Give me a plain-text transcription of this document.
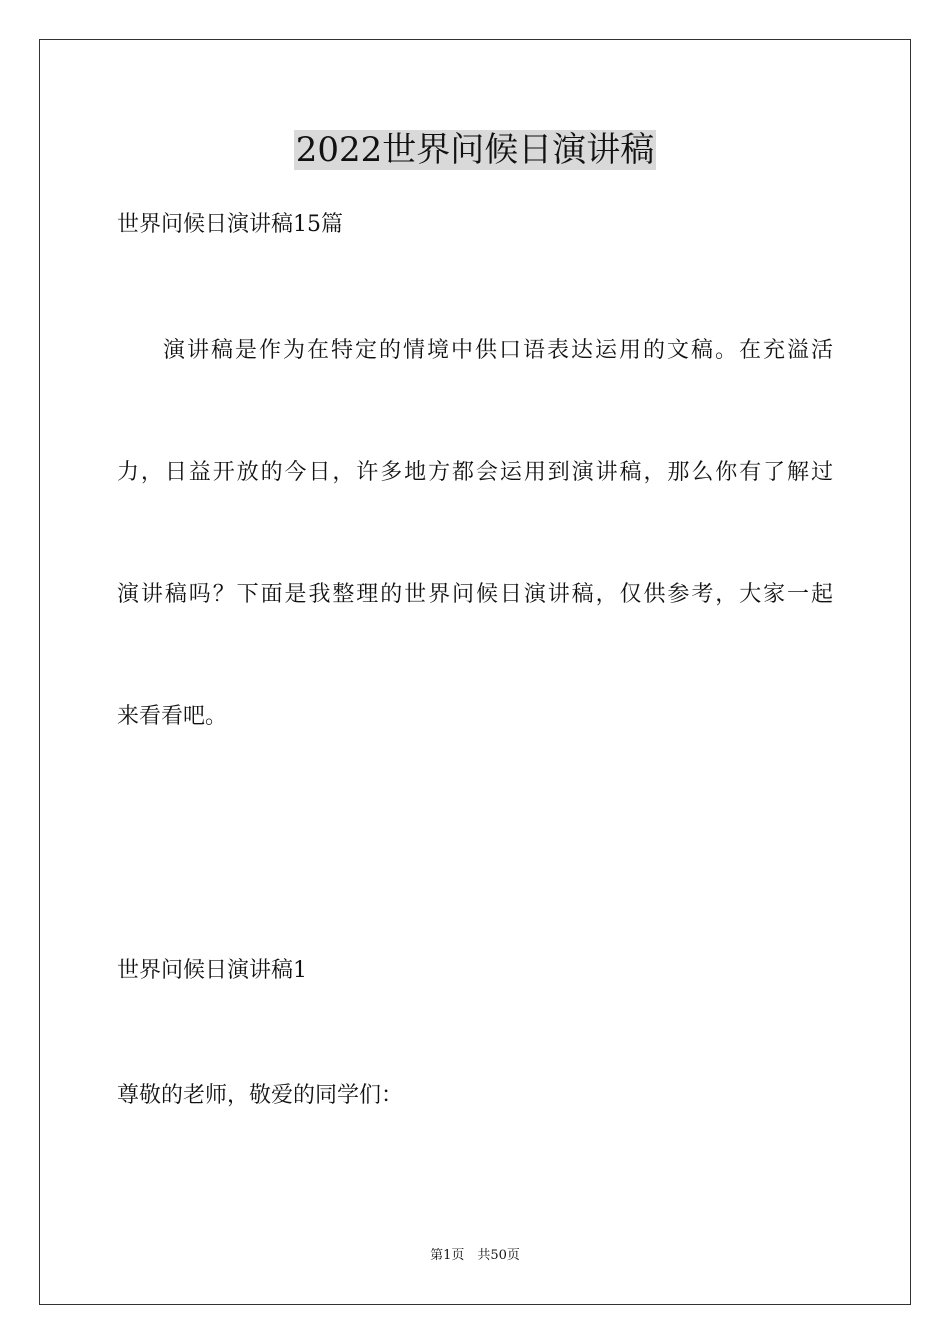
2022世界问候日演讲稿
世界问候日演讲稿15篇
演讲稿是作为在特定的情境中供口语表达运用的文稿。在充溢活
力，日益开放的今日，许多地方都会运用到演讲稿，那么你有了解过
演讲稿吗？下面是我整理的世界问候日演讲稿，仅供参考，大家一起
来看看吧。
世界问候日演讲稿1
尊敬的老师，敬爱的同学们：
第1页　共50页
